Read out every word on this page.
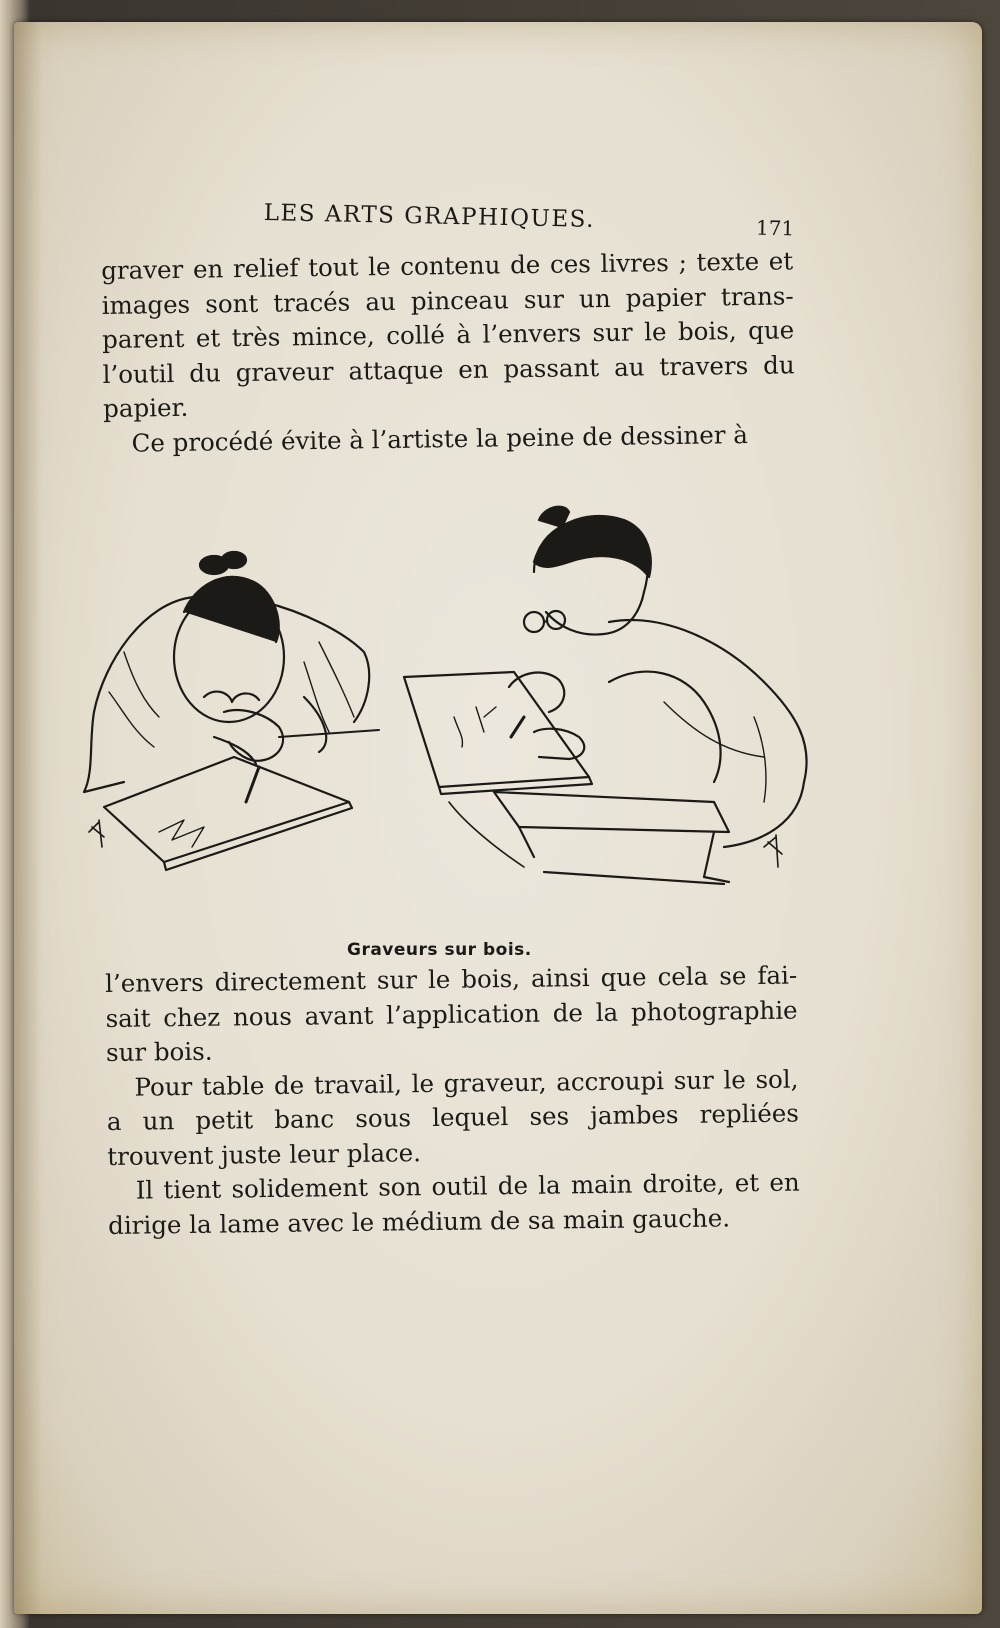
LES ARTS GRAPHIQUES.	171

graver en relief tout le contenu de ces livres ; texte et images sont tracés au pinceau sur un papier trans-parent et très mince, collé à l’envers sur le bois, que l’outil du graveur attaque en passant au travers du papier.

Ce procédé évite à l’artiste la peine de dessiner à

Graveurs sur bois.

l’envers directement sur le bois, ainsi que cela se fai-sait chez nous avant l’application de la photographie sur bois.

Pour table de travail, le graveur, accroupi sur le sol, a un petit banc sous lequel ses jambes repliées trouvent juste leur place.

Il tient solidement son outil de la main droite, et en dirige la lame avec le médium de sa main gauche.
